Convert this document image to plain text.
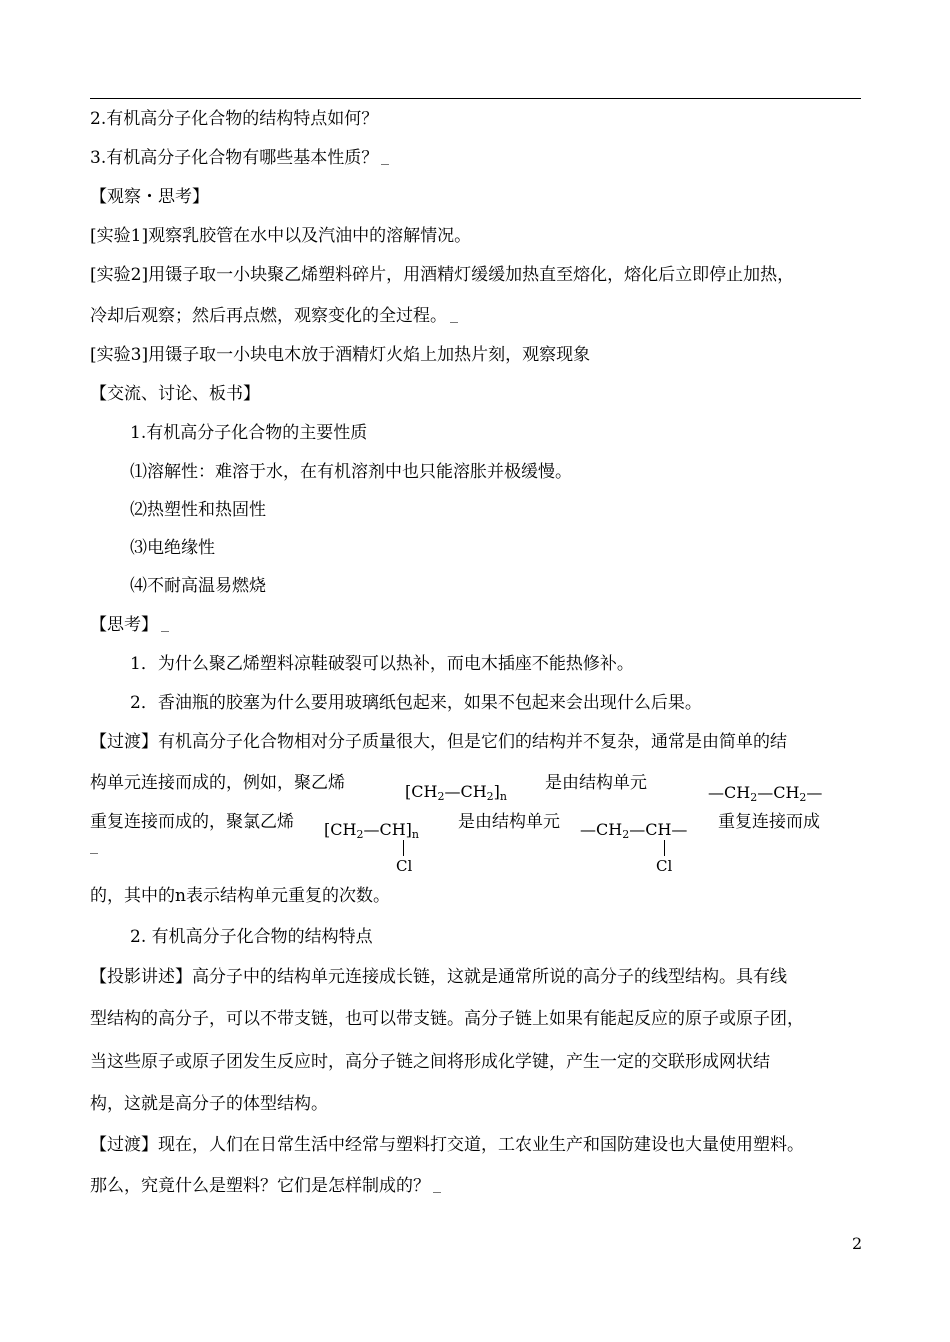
2.有机高分子化合物的结构特点如何？
3.有机高分子化合物有哪些基本性质？
【观察・思考】
[实验1]观察乳胶管在水中以及汽油中的溶解情况。
[实验2]用镊子取一小块聚乙烯塑料碎片，用酒精灯缓缓加热直至熔化，熔化后立即停止加热，
冷却后观察；然后再点燃，观察变化的全过程。
[实验3]用镊子取一小块电木放于酒精灯火焰上加热片刻，观察现象
【交流、讨论、板书】
1.有机高分子化合物的主要性质
⑴溶解性：难溶于水，在有机溶剂中也只能溶胀并极缓慢。
⑵热塑性和热固性
⑶电绝缘性
⑷不耐高温易燃烧
【思考】
1．为什么聚乙烯塑料凉鞋破裂可以热补，而电木插座不能热修补。
2．香油瓶的胶塞为什么要用玻璃纸包起来，如果不包起来会出现什么后果。
【过渡】有机高分子化合物相对分子质量很大，但是它们的结构并不复杂，通常是由简单的结
构单元连接而成的，例如，聚乙烯	$[CH_2—CH_2]_n$
是由结构单元	$—CH_2—CH_2—$
重复连接而成的，聚氯乙烯 $[CH_2—CH]_n$
Cl
是由结构单元 $—CH_2—CH—$
Cl
重复连接而成
的，其中的n表示结构单元重复的次数。
2. 有机高分子化合物的结构特点
【投影讲述】高分子中的结构单元连接成长链，这就是通常所说的高分子的线型结构。具有线
型结构的高分子，可以不带支链，也可以带支链。高分子链上如果有能起反应的原子或原子团，
当这些原子或原子团发生反应时，高分子链之间将形成化学键，产生一定的交联形成网状结
构，这就是高分子的体型结构。
【过渡】现在，人们在日常生活中经常与塑料打交道，工农业生产和国防建设也大量使用塑料。
那么，究竟什么是塑料？它们是怎样制成的？
2
